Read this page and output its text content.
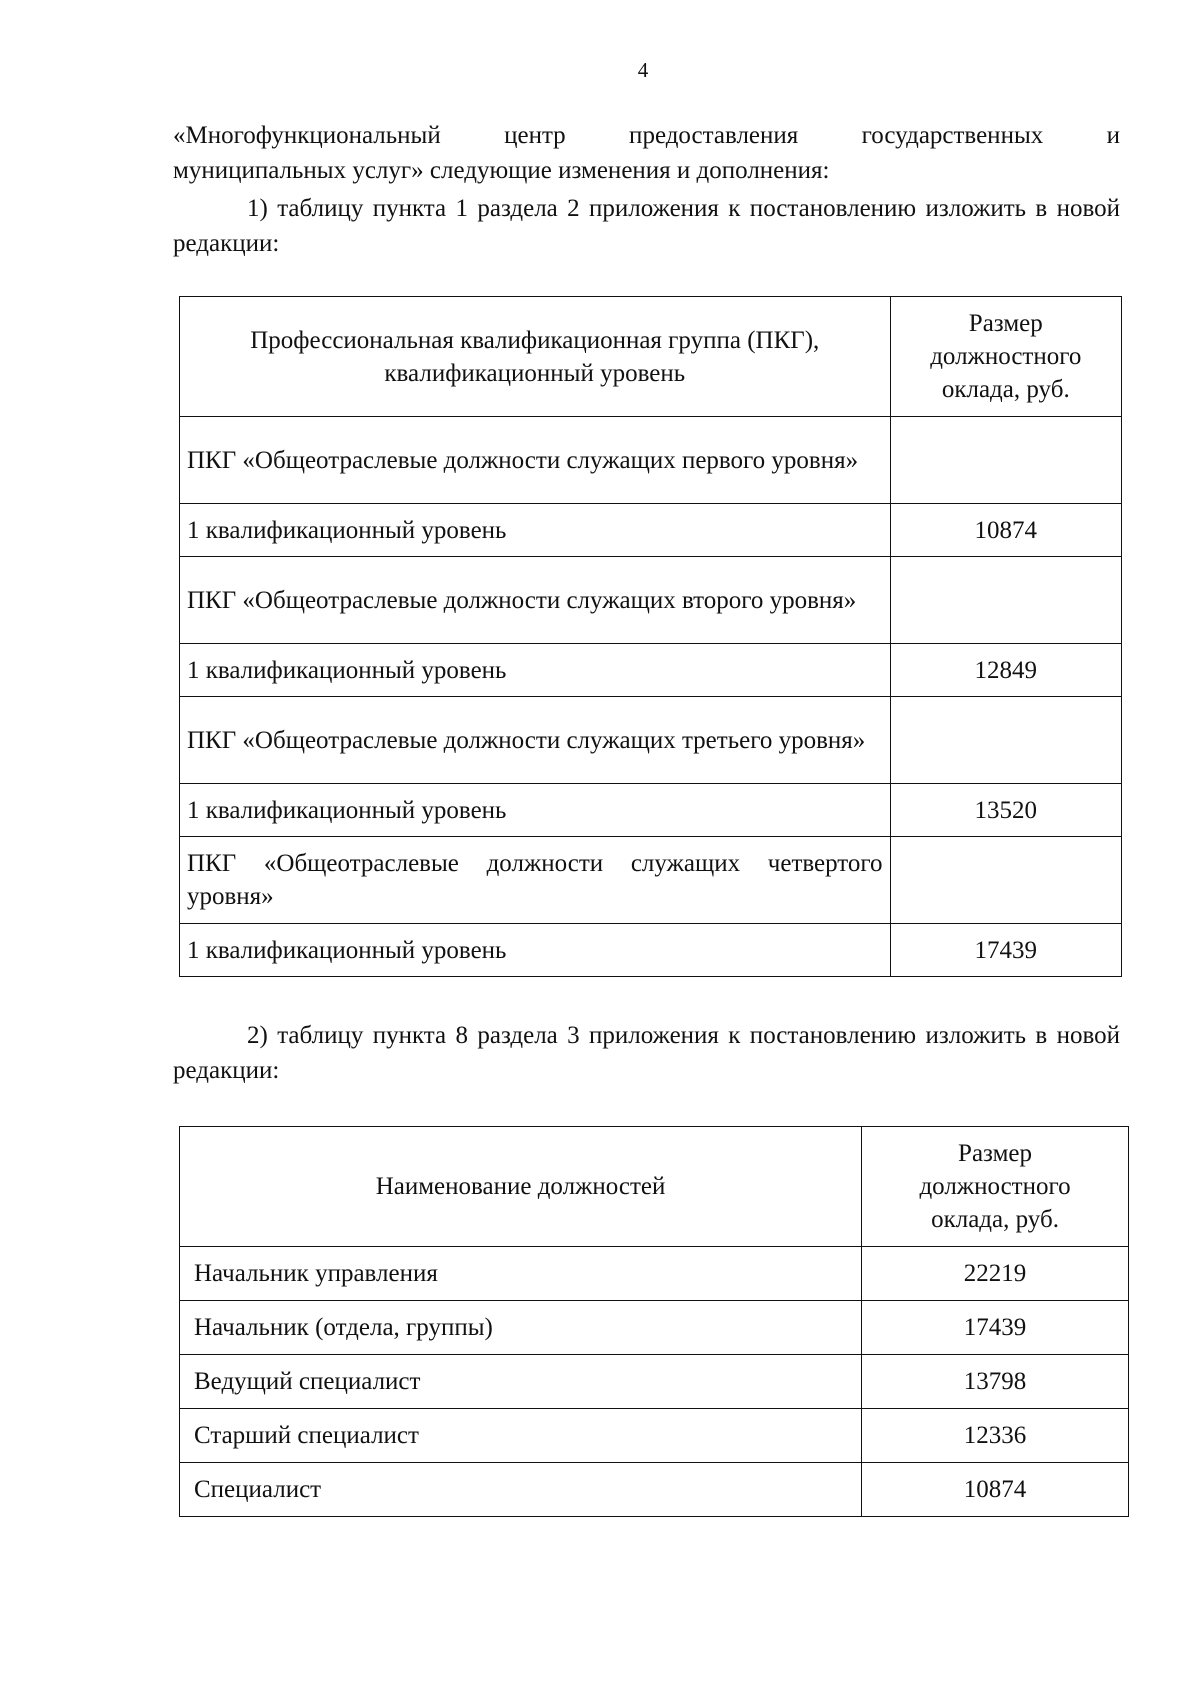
4
«Многофункциональный центр предоставления государственных и
муниципальных услуг» следующие изменения и дополнения:
1) таблицу пункта 1 раздела 2 приложения к постановлению изложить в новой редакции:
Профессиональная квалификационная группа (ПКГ), квалификационный уровень	Размер должностного оклада, руб.
ПКГ «Общеотраслевые должности служащих первого уровня»	
1 квалификационный уровень	10874
ПКГ «Общеотраслевые должности служащих второго уровня»	
1 квалификационный уровень	12849
ПКГ «Общеотраслевые должности служащих третьего уровня»	
1 квалификационный уровень	13520
ПКГ «Общеотраслевые должности служащих четвертого уровня»	
1 квалификационный уровень	17439
2) таблицу пункта 8 раздела 3 приложения к постановлению изложить в новой редакции:
Наименование должностей	Размер должностного оклада, руб.
Начальник управления	22219
Начальник (отдела, группы)	17439
Ведущий специалист	13798
Старший специалист	12336
Специалист	10874
